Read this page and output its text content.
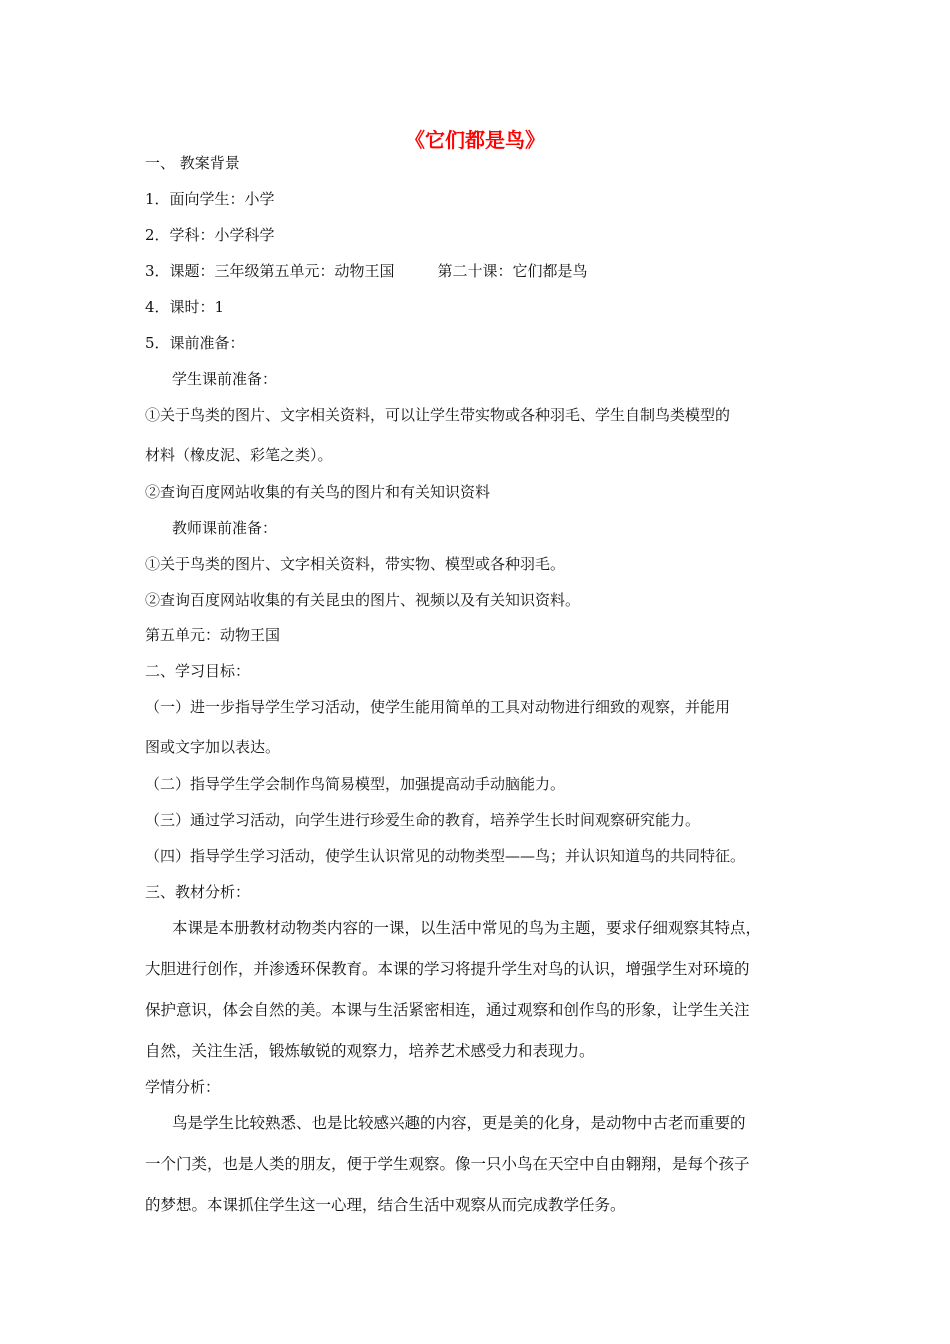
《它们都是鸟》
一、 教案背景
1．面向学生：小学
2．学科：小学科学
3．课题：三年级第五单元：动物王国         第二十课：它们都是鸟
4．课时：1
5．课前准备：
学生课前准备：
①关于鸟类的图片、文字相关资料，可以让学生带实物或各种羽毛、学生自制鸟类模型的
材料（橡皮泥、彩笔之类）。
②查询百度网站收集的有关鸟的图片和有关知识资料
教师课前准备：
①关于鸟类的图片、文字相关资料，带实物、模型或各种羽毛。
②查询百度网站收集的有关昆虫的图片、视频以及有关知识资料。
第五单元：动物王国
二、学习目标：
（一）进一步指导学生学习活动，使学生能用简单的工具对动物进行细致的观察，并能用
图或文字加以表达。
（二）指导学生学会制作鸟简易模型，加强提高动手动脑能力。
（三）通过学习活动，向学生进行珍爱生命的教育，培养学生长时间观察研究能力。
（四）指导学生学习活动，使学生认识常见的动物类型——鸟；并认识知道鸟的共同特征。
三、教材分析：
本课是本册教材动物类内容的一课，以生活中常见的鸟为主题，要求仔细观察其特点，
大胆进行创作，并渗透环保教育。本课的学习将提升学生对鸟的认识，增强学生对环境的
保护意识，体会自然的美。本课与生活紧密相连，通过观察和创作鸟的形象，让学生关注
自然，关注生活，锻炼敏锐的观察力，培养艺术感受力和表现力。
学情分析：
鸟是学生比较熟悉、也是比较感兴趣的内容，更是美的化身，是动物中古老而重要的
一个门类，也是人类的朋友，便于学生观察。像一只小鸟在天空中自由翱翔，是每个孩子
的梦想。本课抓住学生这一心理，结合生活中观察从而完成教学任务。
